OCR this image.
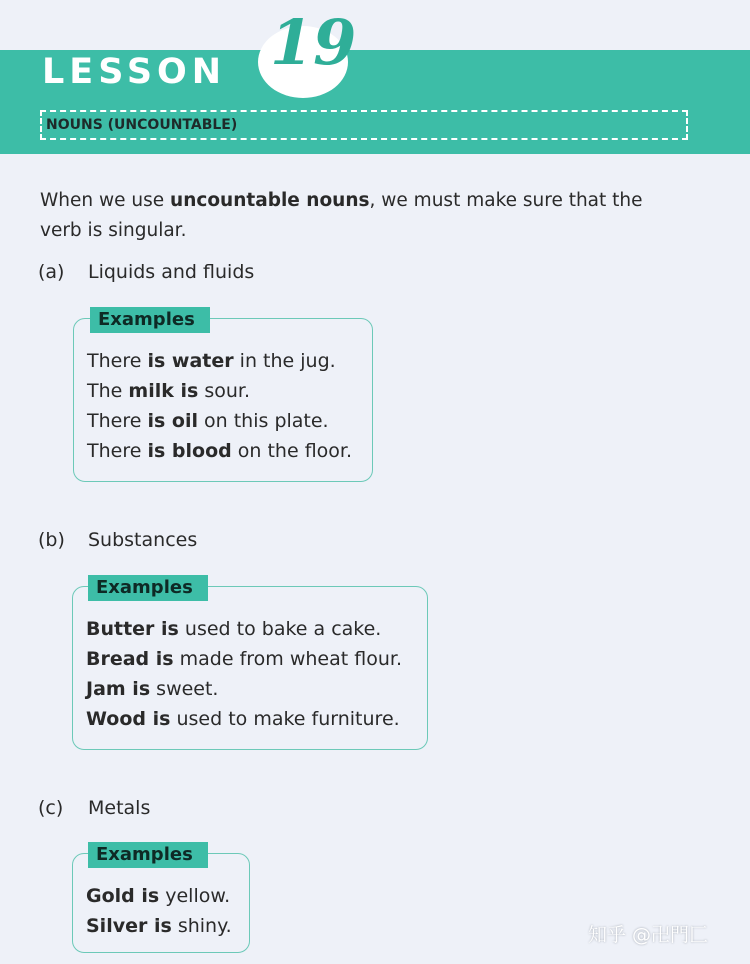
LESSON 19
NOUNS (UNCOUNTABLE)
When we use uncountable nouns, we must make sure that the
verb is singular.
(a) Liquids and fluids
Examples
There is water in the jug.
The milk is sour.
There is oil on this plate.
There is blood on the floor.
(b) Substances
Examples
Butter is used to bake a cake.
Bread is made from wheat flour.
Jam is sweet.
Wood is used to make furniture.
(c) Metals
Examples
Gold is yellow.
Silver is shiny.	知乎 @卍門匚
